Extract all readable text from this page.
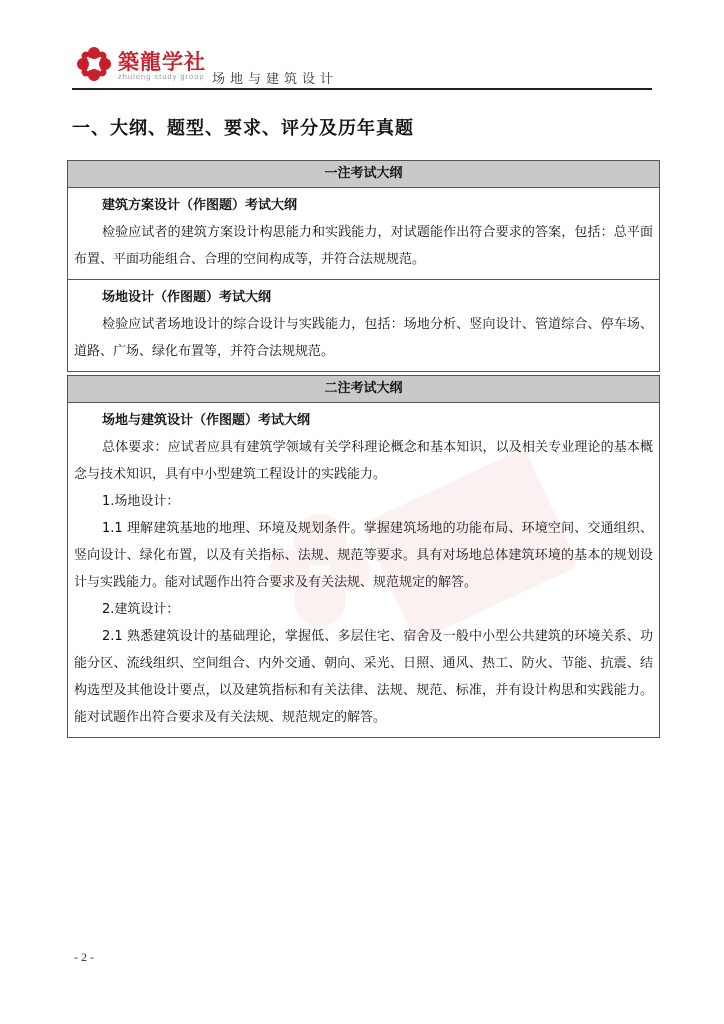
築龍学社
zhulong study group 场地与建筑设计
一、大纲、题型、要求、评分及历年真题
一注考试大纲
建筑方案设计（作图题）考试大纲
检验应试者的建筑方案设计构思能力和实践能力，对试题能作出符合要求的答案，包括：总平面布置、平面功能组合、合理的空间构成等，并符合法规规范。
场地设计（作图题）考试大纲
检验应试者场地设计的综合设计与实践能力，包括：场地分析、竖向设计、管道综合、停车场、道路、广场、绿化布置等，并符合法规规范。
二注考试大纲
场地与建筑设计（作图题）考试大纲
总体要求：应试者应具有建筑学领域有关学科理论概念和基本知识，以及相关专业理论的基本概念与技术知识，具有中小型建筑工程设计的实践能力。
1.场地设计：
1.1 理解建筑基地的地理、环境及规划条件。掌握建筑场地的功能布局、环境空间、交通组织、竖向设计、绿化布置，以及有关指标、法规、规范等要求。具有对场地总体建筑环境的基本的规划设计与实践能力。能对试题作出符合要求及有关法规、规范规定的解答。
2.建筑设计：
2.1 熟悉建筑设计的基础理论，掌握低、多层住宅、宿舍及一般中小型公共建筑的环境关系、功能分区、流线组织、空间组合、内外交通、朝向、采光、日照、通风、热工、防火、节能、抗震、结构选型及其他设计要点，以及建筑指标和有关法律、法规、规范、标准，并有设计构思和实践能力。能对试题作出符合要求及有关法规、规范规定的解答。
- 2 -
